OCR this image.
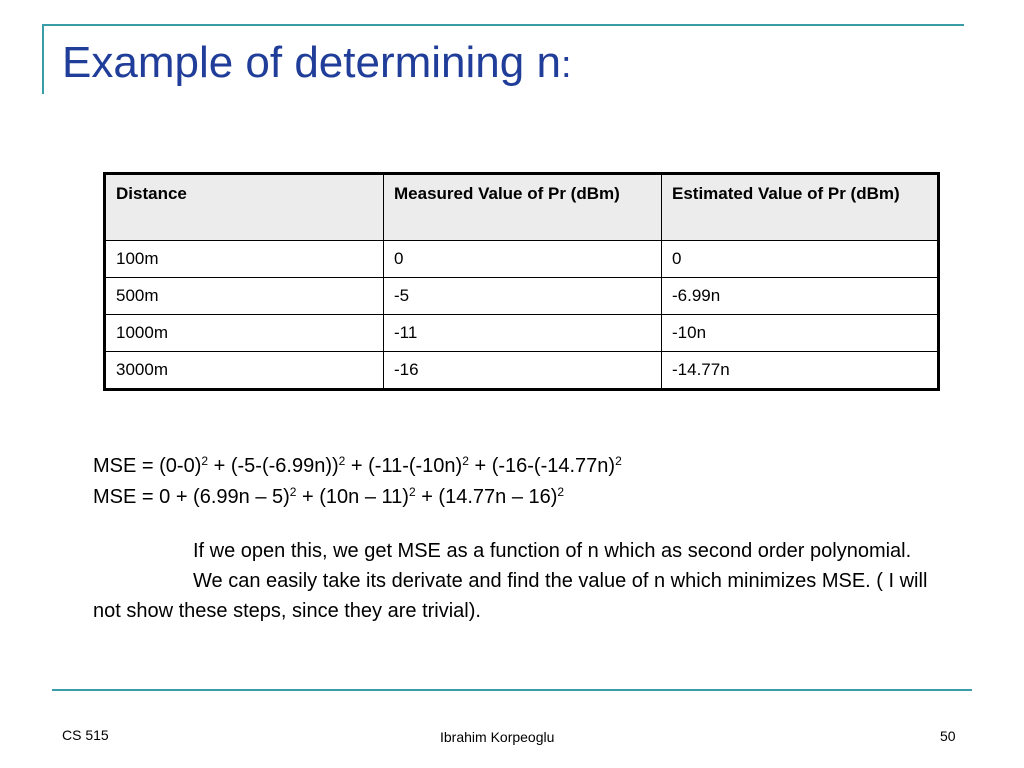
Example of determining n:
Distance	Measured Value of Pr (dBm)	Estimated Value of Pr (dBm)
100m	0	0
500m	-5	-6.99n
1000m	-11	-10n
3000m	-16	-14.77n
MSE = $(0-0)^2 + (-5-(-6.99n))^2 + (-11-(-10n)^2 + (-16-(-14.77n)^2$
MSE = 0 + (6.99n – 5)$^2$ + (10n – 11)$^2$ + (14.77n – 16)$^2$
If we open this, we get MSE as a function of n which as second order polynomial.
We can easily take its derivate and find the value of n which minimizes MSE. ( I will not show these steps, since they are trivial).
CS 515	Ibrahim Korpeoglu	50
